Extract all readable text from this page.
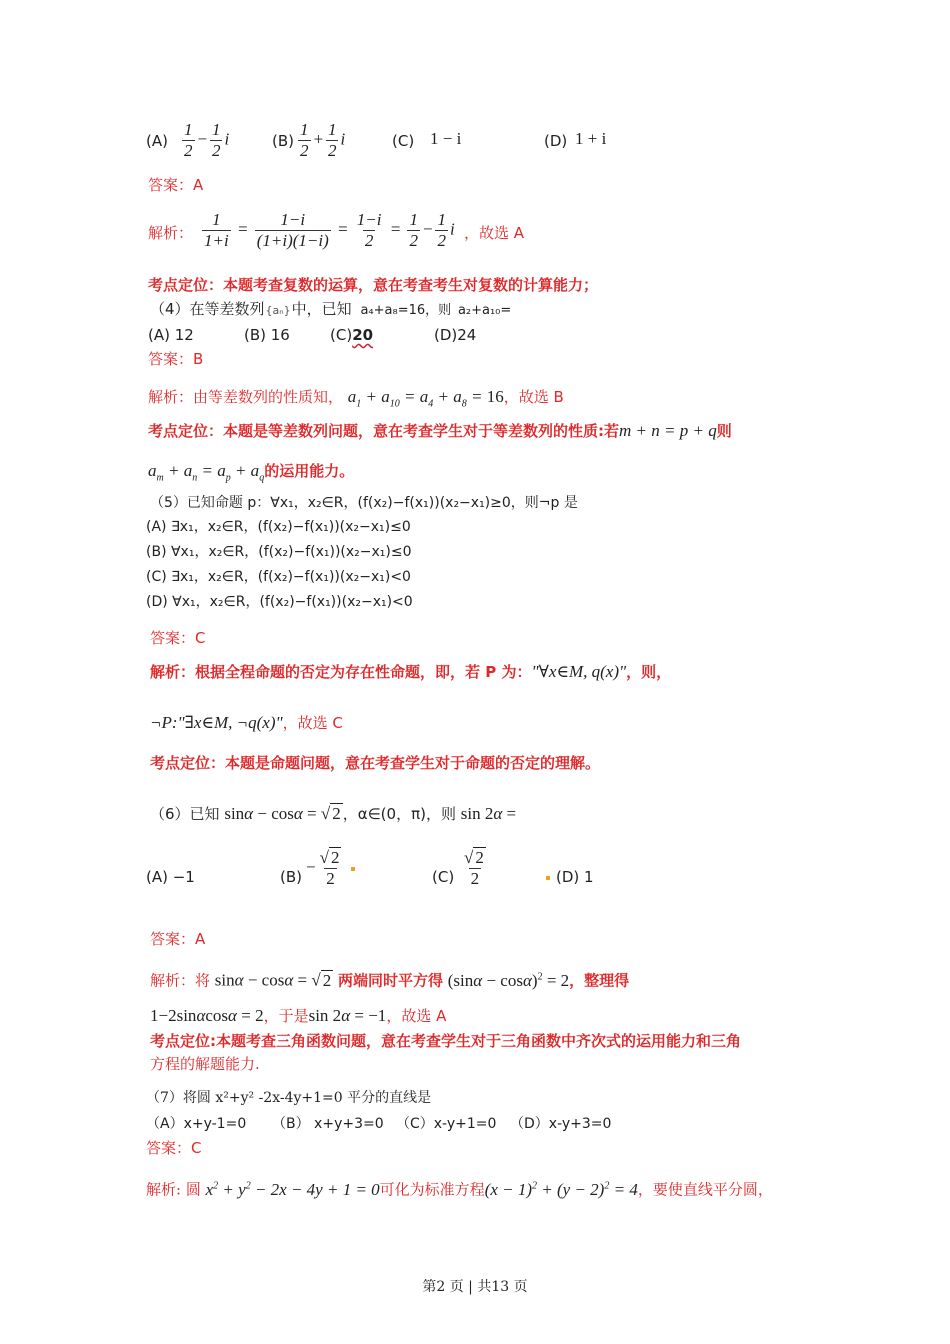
$(A) \frac{1}{2} - \frac{1}{2}$ i	$(B) \frac{1}{2} + \frac{1}{2}$ i	(C) 1 − i	(D) 1 + i
答案：A
解析： $\frac{1}{1+i} = \frac{1-i}{(1+i)(1-i)} = \frac{1-i}{2} = \frac{1}{2} - \frac{1}{2}$ i ，故选 A
考点定位：本题考查复数的运算，意在考查考生对复数的计算能力；
（4）在等差数列{aₙ}中，已知 a₄+a₈=16，则 a₂+a₁₀=
(A) 12	(B) 16	(C)20	(D)24
答案：B
解析：由等差数列的性质知， $a_1 + a_{10} = a_4 + a_8 = 16$，故选 B
考点定位：本题是等差数列问题，意在考查学生对于等差数列的性质:若m + n = p + q则
$a_m + a_n = a_p + a_q$的运用能力。
（5）已知命题 p：∀x₁，x₂∈R，(f(x₂)−f(x₁))(x₂−x₁)≥0，则¬p 是
(A) ∃x₁，x₂∈R，(f(x₂)−f(x₁))(x₂−x₁)≤0
(B) ∀x₁，x₂∈R，(f(x₂)−f(x₁))(x₂−x₁)≤0
(C) ∃x₁，x₂∈R，(f(x₂)−f(x₁))(x₂−x₁)<0
(D) ∀x₁，x₂∈R，(f(x₂)−f(x₁))(x₂−x₁)<0
答案：C
解析：根据全程命题的否定为存在性命题，即，若 P 为："∀x∈M, q(x)"，则，
¬P:"∃x∈M, ¬q(x)"，故选 C
考点定位：本题是命题问题，意在考查学生对于命题的否定的理解。
（6）已知 sinα − cosα = √ 2 ，α∈(0，π)，则 sin 2α =
(A) −1	(B)
− $\frac{√ 2}{2}$	$(C) \frac{√ 2}{2}$	(D) 1
答案：A
解析：将 sinα − cosα = √ 2 两端同时平方得 $(\sin\alpha - \cos\alpha)^2 = 2$，整理得
1−2sinαcosα = 2，于是sin 2α = −1，故选 A
考点定位:本题考查三角函数问题，意在考查学生对于三角函数中齐次式的运用能力和三角
方程的解题能力.
（7）将圆 x²+y² -2x-4y+1=0 平分的直线是
（A）x+y-1=0 （B） x+y+3=0 （C）x-y+1=0 （D）x-y+3=0
答案：C
解析: 圆 $x^2 + y^2 - 2x - 4y + 1 = 0$可化为标准方程$(x - 1)^2 + (y - 2)^2 = 4$，要使直线平分圆，
第2 页 | 共13 页
